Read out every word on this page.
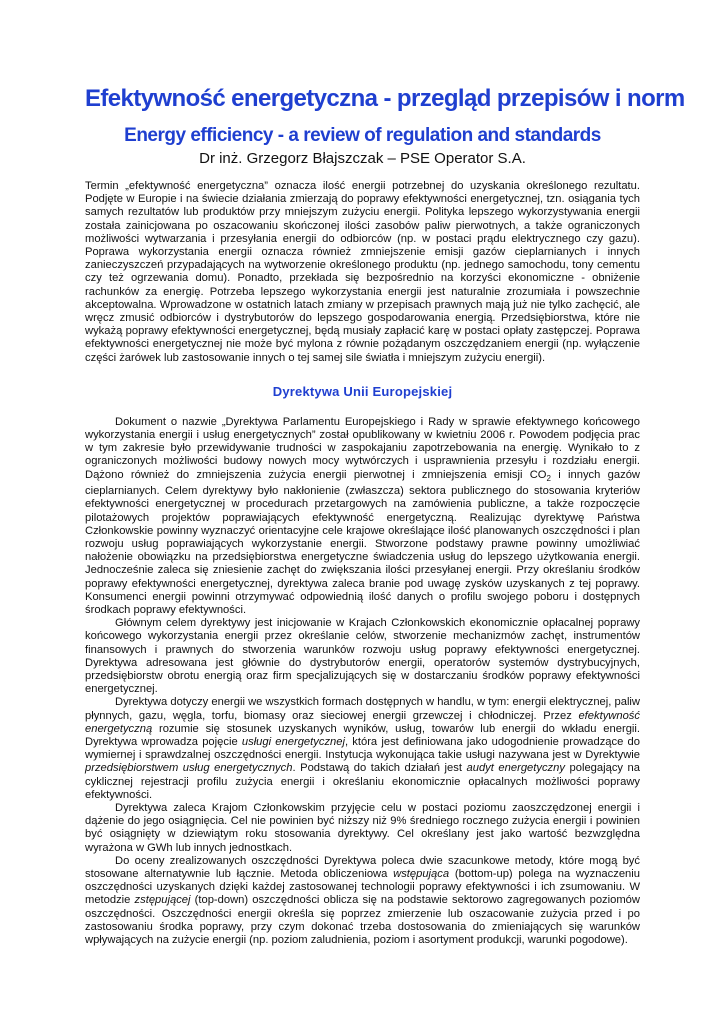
Efektywność energetyczna - przegląd przepisów i norm
Energy efficiency - a review of regulation and standards

Dr inż. Grzegorz Błajszczak – PSE Operator S.A.

Termin „efektywność energetyczna” oznacza ilość energii potrzebnej do uzyskania określonego rezultatu. Podjęte w Europie i na świecie działania zmierzają do poprawy efektywności energetycznej, tzn. osiągania tych samych rezultatów lub produktów przy mniejszym zużyciu energii. Polityka lepszego wykorzystywania energii została zainicjowana po oszacowaniu skończonej ilości zasobów paliw pierwotnych, a także ograniczonych możliwości wytwarzania i przesyłania energii do odbiorców (np. w postaci prądu elektrycznego czy gazu). Poprawa wykorzystania energii oznacza również zmniejszenie emisji gazów cieplarnianych i innych zanieczyszczeń przypadających na wytworzenie określonego produktu (np. jednego samochodu, tony cementu czy też ogrzewania domu). Ponadto, przekłada się bezpośrednio na korzyści ekonomiczne - obniżenie rachunków za energię. Potrzeba lepszego wykorzystania energii jest naturalnie zrozumiała i powszechnie akceptowalna. Wprowadzone w ostatnich latach zmiany w przepisach prawnych mają już nie tylko zachęcić, ale wręcz zmusić odbiorców i dystrybutorów do lepszego gospodarowania energią. Przedsiębiorstwa, które nie wykażą poprawy efektywności energetycznej, będą musiały zapłacić karę w postaci opłaty zastępczej. Poprawa efektywności energetycznej nie może być mylona z równie pożądanym oszczędzaniem energii (np. wyłączenie części żarówek lub zastosowanie innych o tej samej sile światła i mniejszym zużyciu energii).

Dyrektywa Unii Europejskiej

Dokument o nazwie „Dyrektywa Parlamentu Europejskiego i Rady w sprawie efektywnego końcowego wykorzystania energii i usług energetycznych” został opublikowany w kwietniu 2006 r. Powodem podjęcia prac w tym zakresie było przewidywanie trudności w zaspokajaniu zapotrzebowania na energię. Wynikało to z ograniczonych możliwości budowy nowych mocy wytwórczych i usprawnienia przesyłu i rozdziału energii. Dążono również do zmniejszenia zużycia energii pierwotnej i zmniejszenia emisji $CO_2$ i innych gazów cieplarnianych. Celem dyrektywy było nakłonienie (zwłaszcza) sektora publicznego do stosowania kryteriów efektywności energetycznej w procedurach przetargowych na zamówienia publiczne, a także rozpoczęcie pilotażowych projektów poprawiających efektywność energetyczną. Realizując dyrektywę Państwa Członkowskie powinny wyznaczyć orientacyjne cele krajowe określające ilość planowanych oszczędności i plan rozwoju usług poprawiających wykorzystanie energii. Stworzone podstawy prawne powinny umożliwiać nałożenie obowiązku na przedsiębiorstwa energetyczne świadczenia usług do lepszego użytkowania energii. Jednocześnie zaleca się zniesienie zachęt do zwiększania ilości przesyłanej energii. Przy określaniu środków poprawy efektywności energetycznej, dyrektywa zaleca branie pod uwagę zysków uzyskanych z tej poprawy. Konsumenci energii powinni otrzymywać odpowiednią ilość danych o profilu swojego poboru i dostępnych środkach poprawy efektywności.

Głównym celem dyrektywy jest inicjowanie w Krajach Członkowskich ekonomicznie opłacalnej poprawy końcowego wykorzystania energii przez określanie celów, stworzenie mechanizmów zachęt, instrumentów finansowych i prawnych do stworzenia warunków rozwoju usług poprawy efektywności energetycznej. Dyrektywa adresowana jest głównie do dystrybutorów energii, operatorów systemów dystrybucyjnych, przedsiębiorstw obrotu energią oraz firm specjalizujących się w dostarczaniu środków poprawy efektywności energetycznej.

Dyrektywa dotyczy energii we wszystkich formach dostępnych w handlu, w tym: energii elektrycznej, paliw płynnych, gazu, węgla, torfu, biomasy oraz sieciowej energii grzewczej i chłodniczej. Przez efektywność energetyczną rozumie się stosunek uzyskanych wyników, usług, towarów lub energii do wkładu energii. Dyrektywa wprowadza pojęcie usługi energetycznej, która jest definiowana jako udogodnienie prowadzące do wymiernej i sprawdzalnej oszczędności energii. Instytucja wykonująca takie usługi nazywana jest w Dyrektywie przedsiębiorstwem usług energetycznych. Podstawą do takich działań jest audyt energetyczny polegający na cyklicznej rejestracji profilu zużycia energii i określaniu ekonomicznie opłacalnych możliwości poprawy efektywności.

Dyrektywa zaleca Krajom Członkowskim przyjęcie celu w postaci poziomu zaoszczędzonej energii i dążenie do jego osiągnięcia. Cel nie powinien być niższy niż 9% średniego rocznego zużycia energii i powinien być osiągnięty w dziewiątym roku stosowania dyrektywy. Cel określany jest jako wartość bezwzględna wyrażona w GWh lub innych jednostkach.

Do oceny zrealizowanych oszczędności Dyrektywa poleca dwie szacunkowe metody, które mogą być stosowane alternatywnie lub łącznie. Metoda obliczeniowa wstępująca (bottom-up) polega na wyznaczeniu oszczędności uzyskanych dzięki każdej zastosowanej technologii poprawy efektywności i ich zsumowaniu. W metodzie zstępującej (top-down) oszczędności oblicza się na podstawie sektorowo zagregowanych poziomów oszczędności. Oszczędności energii określa się poprzez zmierzenie lub oszacowanie zużycia przed i po zastosowaniu środka poprawy, przy czym dokonać trzeba dostosowania do zmieniających się warunków wpływających na zużycie energii (np. poziom zaludnienia, poziom i asortyment produkcji, warunki pogodowe).
